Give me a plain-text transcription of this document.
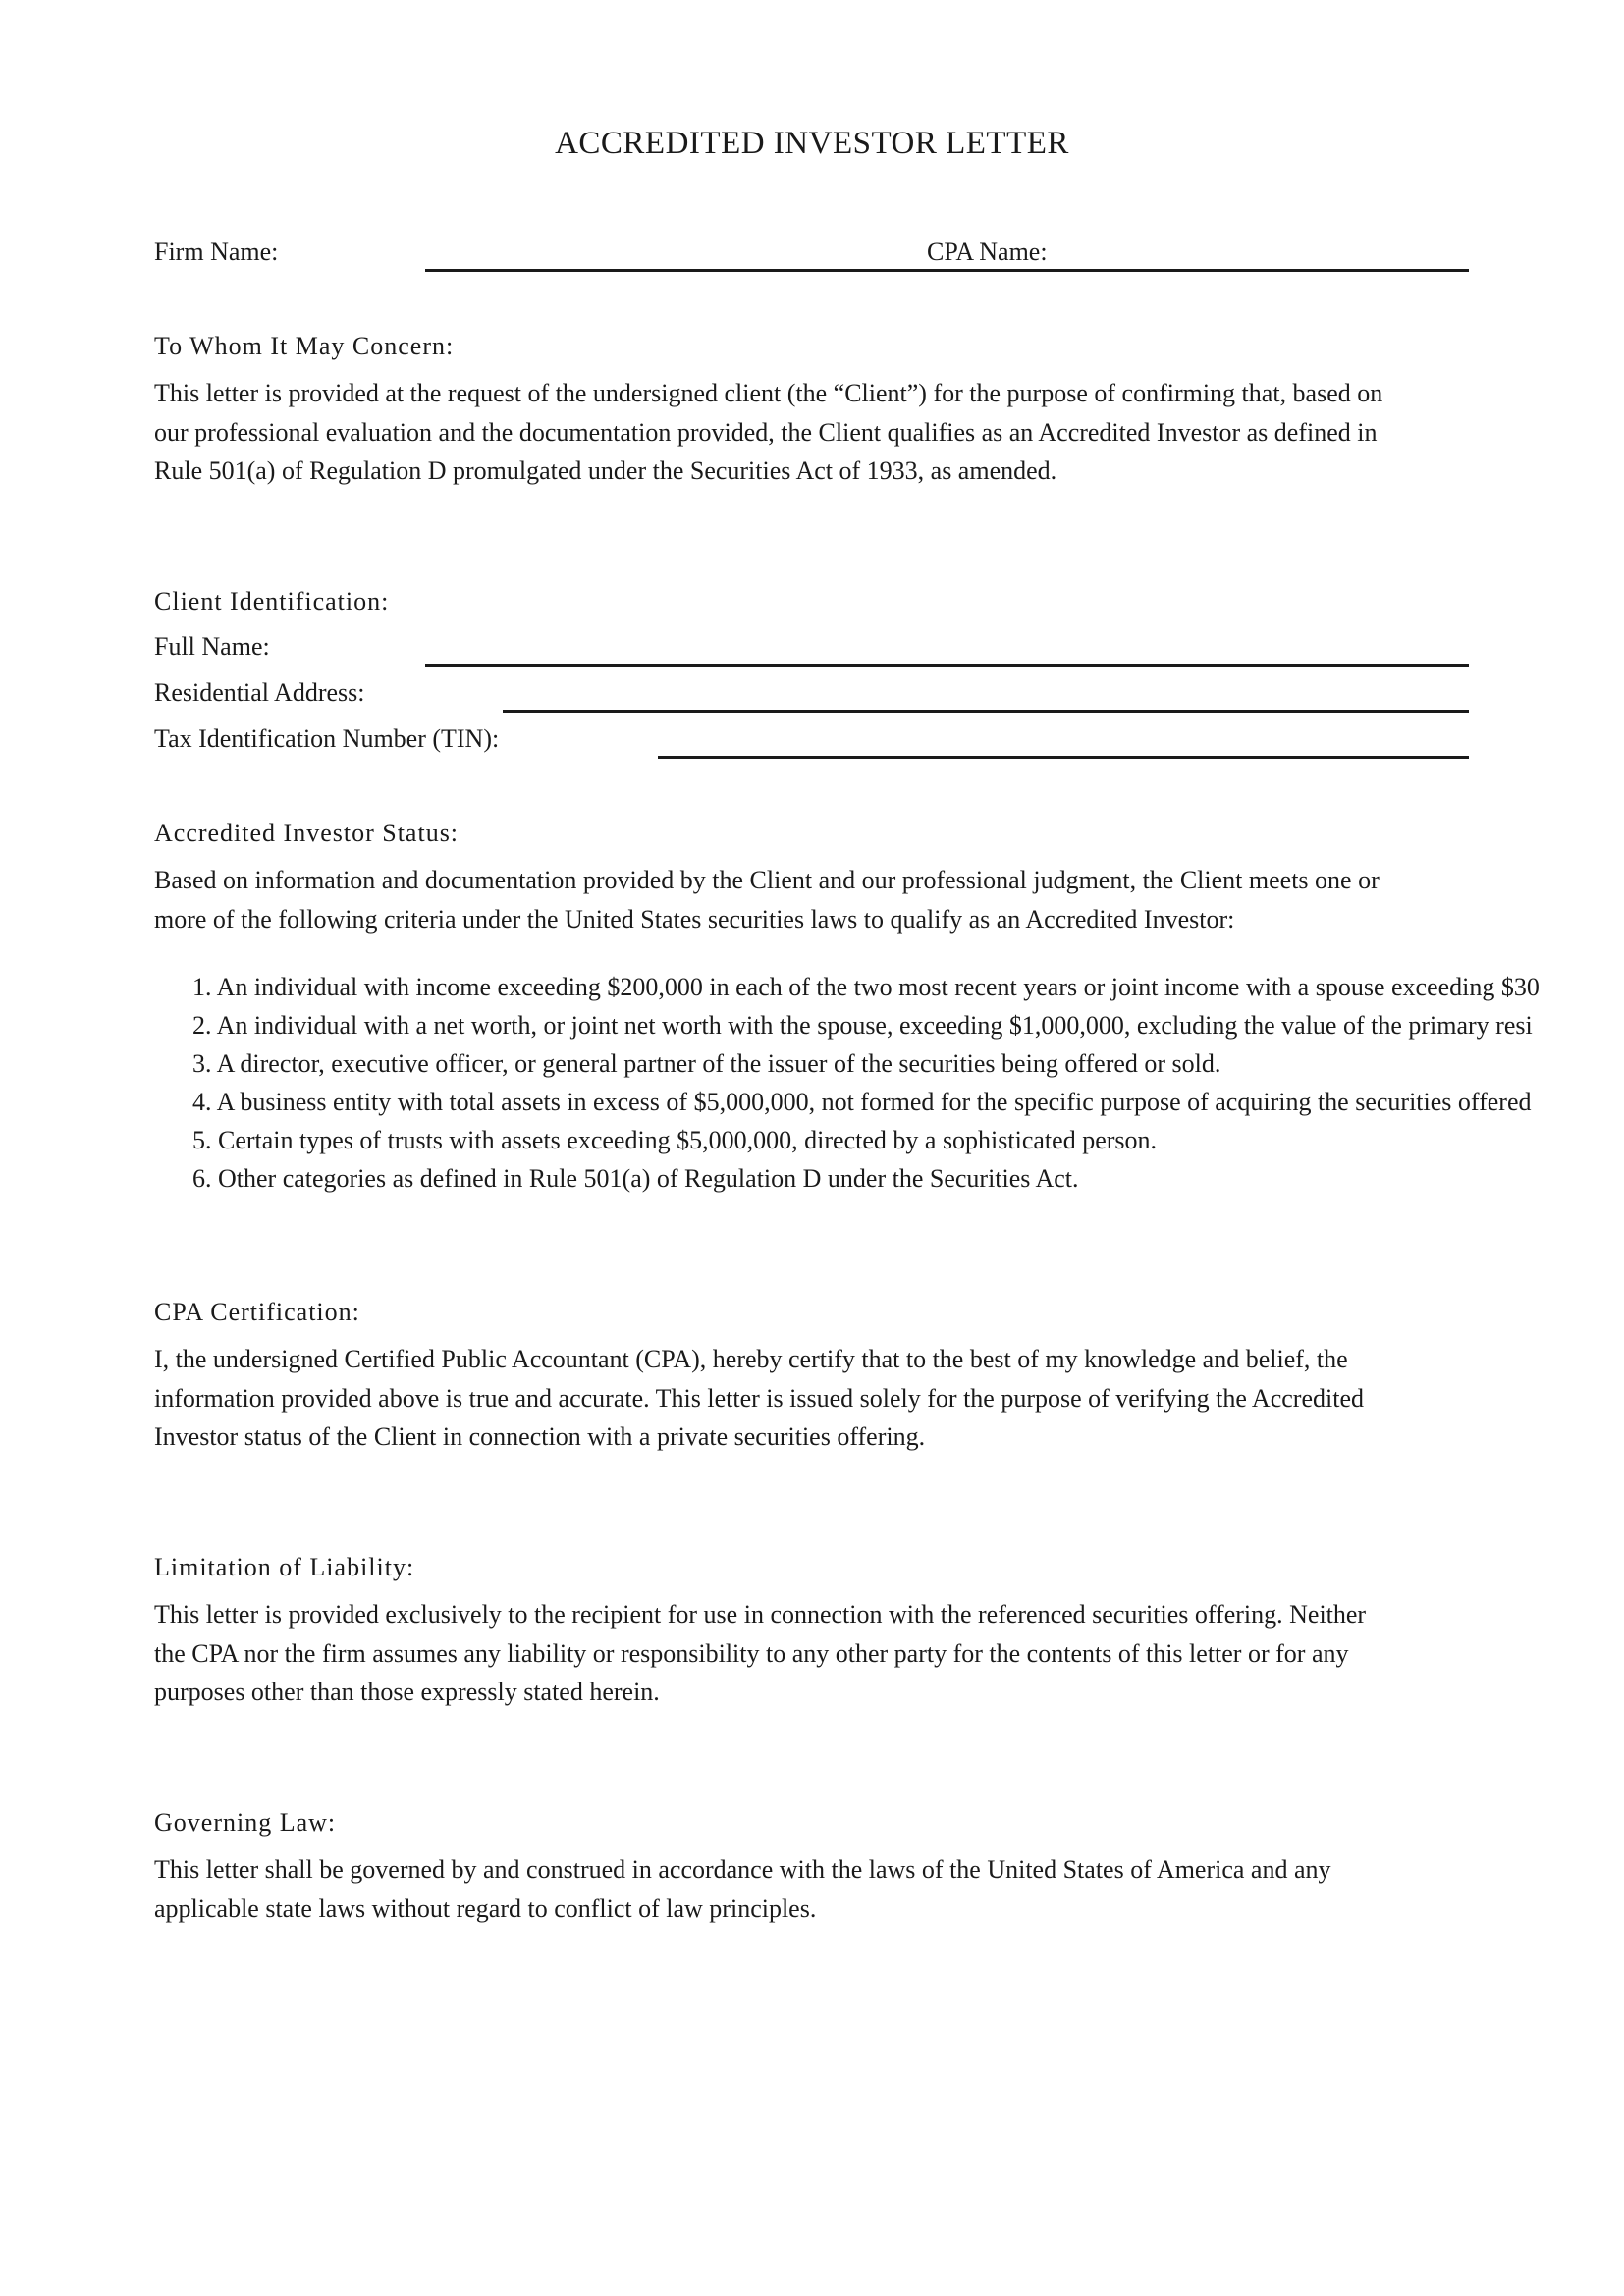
ACCREDITED INVESTOR LETTER
Firm Name:	CPA Name:
To Whom It May Concern:
This letter is provided at the request of the undersigned client (the “Client”) for the purpose of confirming that, based on
our professional evaluation and the documentation provided, the Client qualifies as an Accredited Investor as defined in
Rule 501(a) of Regulation D promulgated under the Securities Act of 1933, as amended.
Client Identification:
Full Name:
Residential Address:
Tax Identification Number (TIN):
Accredited Investor Status:
Based on information and documentation provided by the Client and our professional judgment, the Client meets one or
more of the following criteria under the United States securities laws to qualify as an Accredited Investor:
1. An individual with income exceeding $200,000 in each of the two most recent years or joint income with a spouse exceeding $30
2. An individual with a net worth, or joint net worth with the spouse, exceeding $1,000,000, excluding the value of the primary resi
3. A director, executive officer, or general partner of the issuer of the securities being offered or sold.
4. A business entity with total assets in excess of $5,000,000, not formed for the specific purpose of acquiring the securities offered
5. Certain types of trusts with assets exceeding $5,000,000, directed by a sophisticated person.
6. Other categories as defined in Rule 501(a) of Regulation D under the Securities Act.
CPA Certification:
I, the undersigned Certified Public Accountant (CPA), hereby certify that to the best of my knowledge and belief, the
information provided above is true and accurate. This letter is issued solely for the purpose of verifying the Accredited
Investor status of the Client in connection with a private securities offering.
Limitation of Liability:
This letter is provided exclusively to the recipient for use in connection with the referenced securities offering. Neither
the CPA nor the firm assumes any liability or responsibility to any other party for the contents of this letter or for any
purposes other than those expressly stated herein.
Governing Law:
This letter shall be governed by and construed in accordance with the laws of the United States of America and any
applicable state laws without regard to conflict of law principles.
